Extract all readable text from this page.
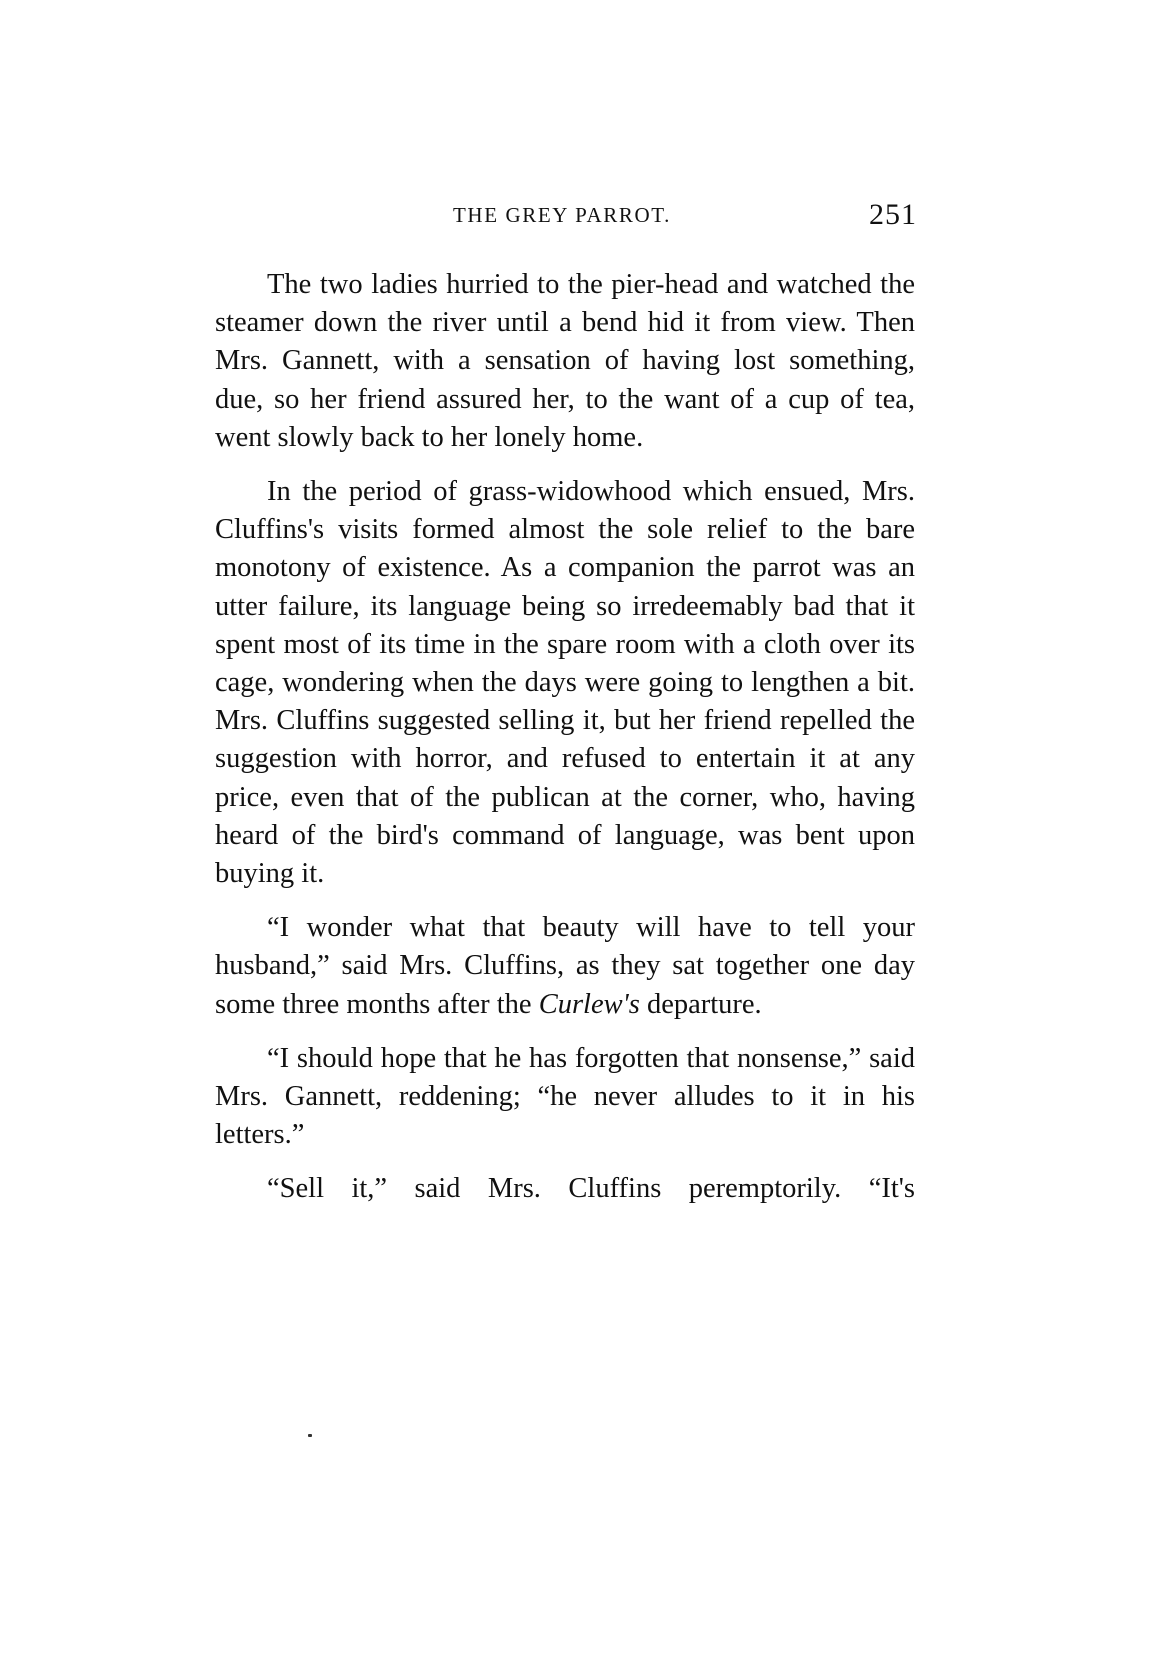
THE GREY PARROT.	251

The two ladies hurried to the pier-head and watched the steamer down the river until a bend hid it from view. Then Mrs. Gannett, with a sensation of having lost something, due, so her friend assured her, to the want of a cup of tea, went slowly back to her lonely home.

In the period of grass-widowhood which ensued, Mrs. Cluffins's visits formed almost the sole relief to the bare monotony of existence. As a companion the parrot was an utter failure, its language being so irredeemably bad that it spent most of its time in the spare room with a cloth over its cage, wondering when the days were going to lengthen a bit. Mrs. Cluffins suggested selling it, but her friend repelled the suggestion with horror, and refused to entertain it at any price, even that of the publican at the corner, who, having heard of the bird's command of language, was bent upon buying it.

“I wonder what that beauty will have to tell your husband,” said Mrs. Cluffins, as they sat together one day some three months after the Curlew's departure.

“I should hope that he has forgotten that nonsense,” said Mrs. Gannett, reddening; “he never alludes to it in his letters.”

“Sell it,” said Mrs. Cluffins peremptorily. “It's
